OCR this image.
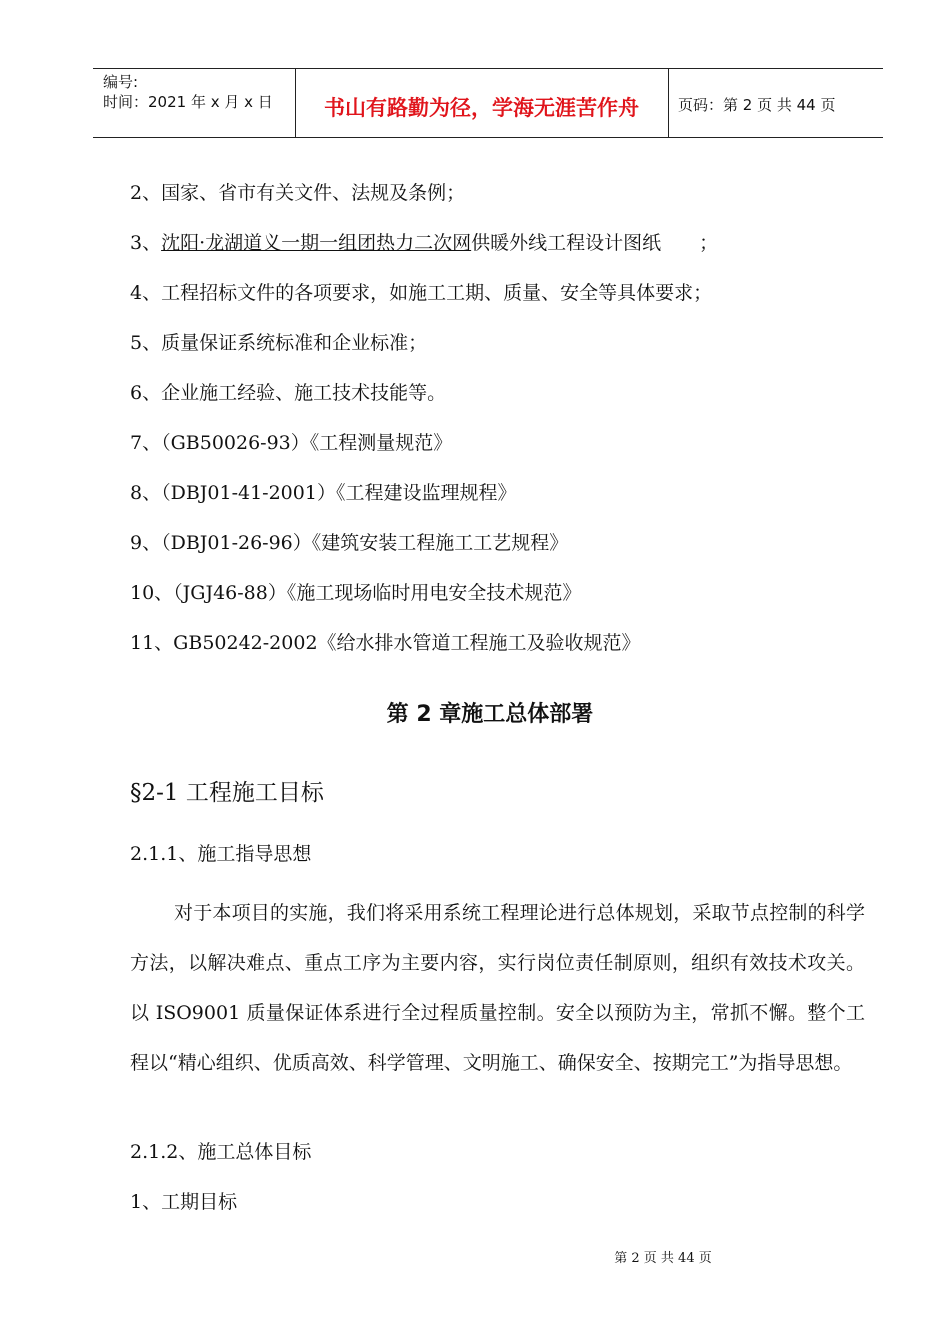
编号:
时间：2021 年 x 月 x 日	书山有路勤为径，学海无涯苦作舟	页码：第 2 页 共 44 页
2、国家、省市有关文件、法规及条例；
3、沈阳·龙湖道义一期一组团热力二次网供暖外线工程设计图纸　　；
4、工程招标文件的各项要求，如施工工期、质量、安全等具体要求；
5、质量保证系统标准和企业标准；
6、企业施工经验、施工技术技能等。
7、（GB50026-93）《工程测量规范》
8、（DBJ01-41-2001）《工程建设监理规程》
9、（DBJ01-26-96）《建筑安装工程施工工艺规程》
10、（JGJ46-88）《施工现场临时用电安全技术规范》
11、GB50242-2002《给水排水管道工程施工及验收规范》
第 2 章施工总体部署
§2-1 工程施工目标
2.1.1、施工指导思想

对于本项目的实施，我们将采用系统工程理论进行总体规划，采取节点控制的科学方法，以解决难点、重点工序为主要内容，实行岗位责任制原则，组织有效技术攻关。以 ISO9001 质量保证体系进行全过程质量控制。安全以预防为主，常抓不懈。整个工程以“精心组织、优质高效、科学管理、文明施工、确保安全、按期完工”为指导思想。

2.1.2、施工总体目标
1、工期目标
第 2 页 共 44 页
